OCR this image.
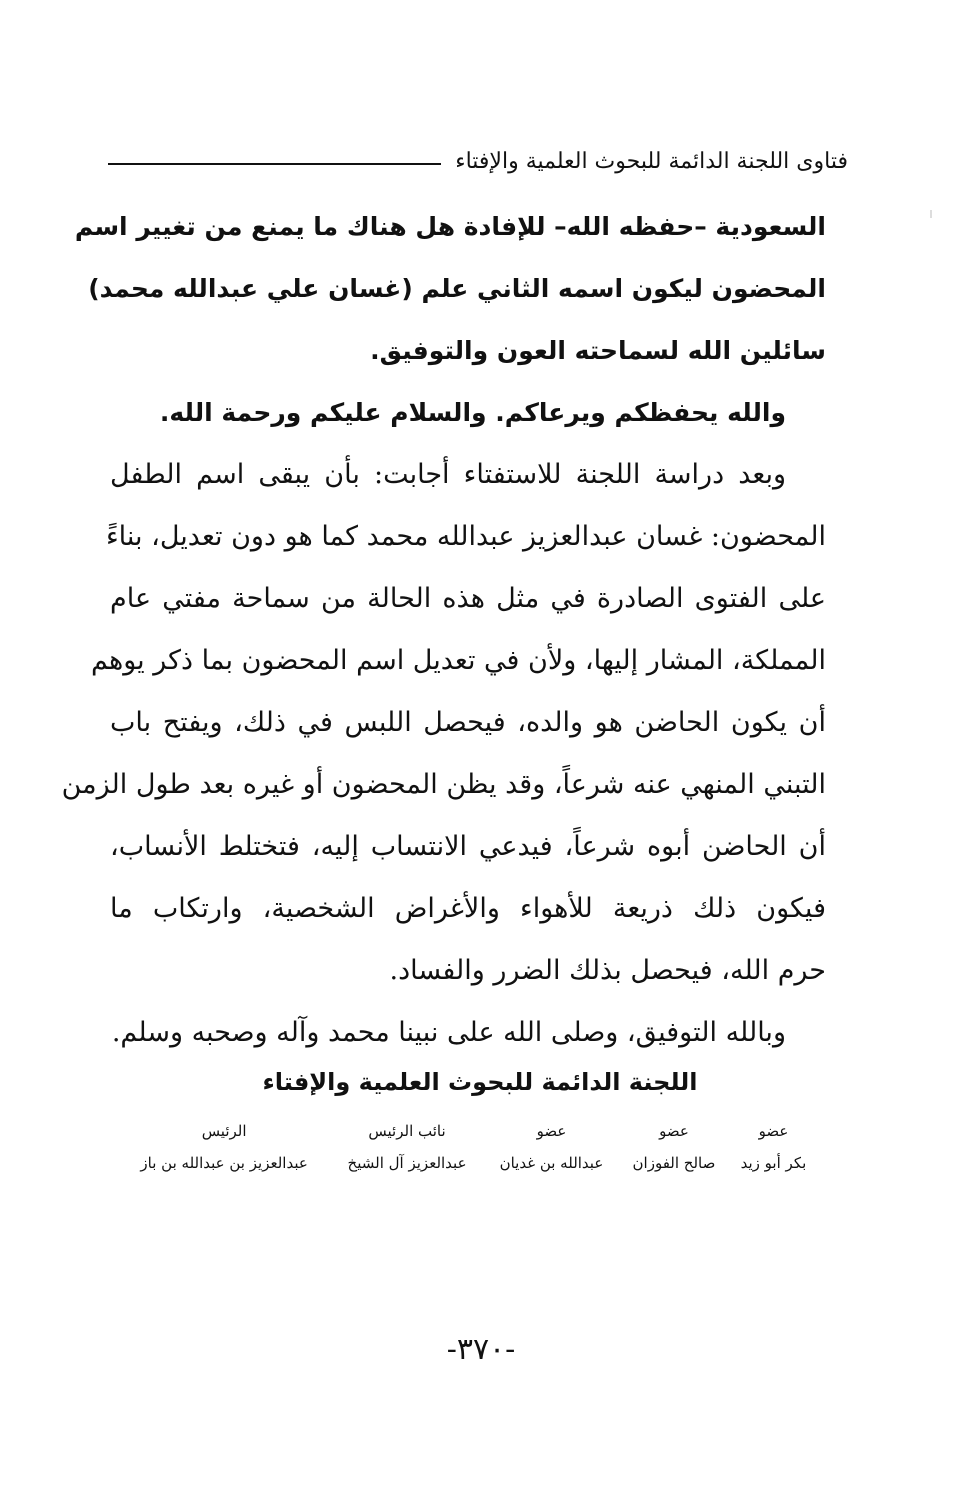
فتاوى اللجنة الدائمة للبحوث العلمية والإفتاء
السعودية –حفظه الله– للإفادة هل هناك ما يمنع من تغيير اسم
المحضون ليكون اسمه الثاني علم (غسان علي عبدالله محمد)
سائلين الله لسماحته العون والتوفيق.
والله يحفظكم ويرعاكم. والسلام عليكم ورحمة الله.
وبعد دراسة اللجنة للاستفتاء أجابت: بأن يبقى اسم الطفل
المحضون: غسان عبدالعزيز عبدالله محمد كما هو دون تعديل، بناءً
على الفتوى الصادرة في مثل هذه الحالة من سماحة مفتي عام
المملكة، المشار إليها، ولأن في تعديل اسم المحضون بما ذكر يوهم
أن يكون الحاضن هو والده، فيحصل اللبس في ذلك، ويفتح باب
التبني المنهي عنه شرعاً، وقد يظن المحضون أو غيره بعد طول الزمن
أن الحاضن أبوه شرعاً، فيدعي الانتساب إليه، فتختلط الأنساب،
فيكون ذلك ذريعة للأهواء والأغراض الشخصية، وارتكاب ما
حرم الله، فيحصل بذلك الضرر والفساد.
وبالله التوفيق، وصلى الله على نبينا محمد وآله وصحبه وسلم.
اللجنة الدائمة للبحوث العلمية والإفتاء
عضو	عضو	عضو	نائب الرئيس	الرئيس
بكر أبو زيد	صالح الفوزان	عبدالله بن غديان	عبدالعزيز آل الشيخ	عبدالعزيز بن عبدالله بن باز
-٣٧٠-
